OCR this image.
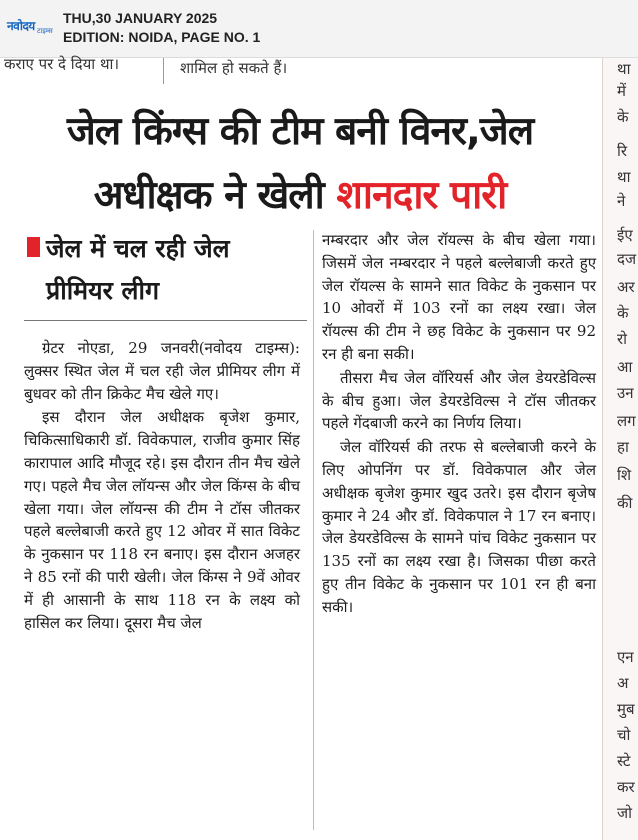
नवोदय टाइम्स
THU,30 JANUARY 2025
EDITION: NOIDA, PAGE NO. 1
कराए पर दे दिया था।	शामिल हो सकते हैं।
जेल किंग्स की टीम बनी विनर,जेल
अधीक्षक ने खेली शानदार पारी
जेल में चल रही जेल प्रीमियर लीग

ग्रेटर नोएडा, 29 जनवरी(नवोदय टाइम्स): लुक्सर स्थित जेल में चल रही जेल प्रीमियर लीग में बुधवर को तीन क्रिकेट मैच खेले गए।

इस दौरान जेल अधीक्षक बृजेश कुमार, चिकित्साधिकारी डॉ. विवेकपाल, राजीव कुमार सिंह कारापाल आदि मौजूद रहे। इस दौरान तीन मैच खेले गए। पहले मैच जेल लॉयन्स और जेल किंग्स के बीच खेला गया। जेल लॉयन्स की टीम ने टॉस जीतकर पहले बल्लेबाजी करते हुए 12 ओवर में सात विकेट के नुकसान पर 118 रन बनाए। इस दौरान अजहर ने 85 रनों की पारी खेली। जेल किंग्स ने 9वें ओवर में ही आसानी के साथ 118 रन के लक्ष्य को हासिल कर लिया। दूसरा मैच जेल

नम्बरदार और जेल रॉयल्स के बीच खेला गया। जिसमें जेल नम्बरदार ने पहले बल्लेबाजी करते हुए जेल रॉयल्स के सामने सात विकेट के नुकसान पर 10 ओवरों में 103 रनों का लक्ष्य रखा। जेल रॉयल्स की टीम ने छह विकेट के नुकसान पर 92 रन ही बना सकी।

तीसरा मैच जेल वॉरियर्स और जेल डेयरडेविल्स के बीच हुआ। जेल डेयरडेविल्स ने टॉस जीतकर पहले गेंदबाजी करने का निर्णय लिया।

जेल वॉरियर्स की तरफ से बल्लेबाजी करने के लिए ओपनिंग पर डॉ. विवेकपाल और जेल अधीक्षक बृजेश कुमार खुद उतरे। इस दौरान बृजेष कुमार ने 24 और डॉ. विवेकपाल ने 17 रन बनाए। जेल डेयरडेविल्स के सामने पांच विकेट नुकसान पर 135 रनों का लक्ष्य रखा है। जिसका पीछा करते हुए तीन विकेट के नुकसान पर 101 रन ही बना सकी।

था
में
के
रि
था
ने
ईए
दज
अर
के
रो
आ
उन
लग
हा
शि
की
एन
अ
मुब
चो
स्टे
कर
जो
